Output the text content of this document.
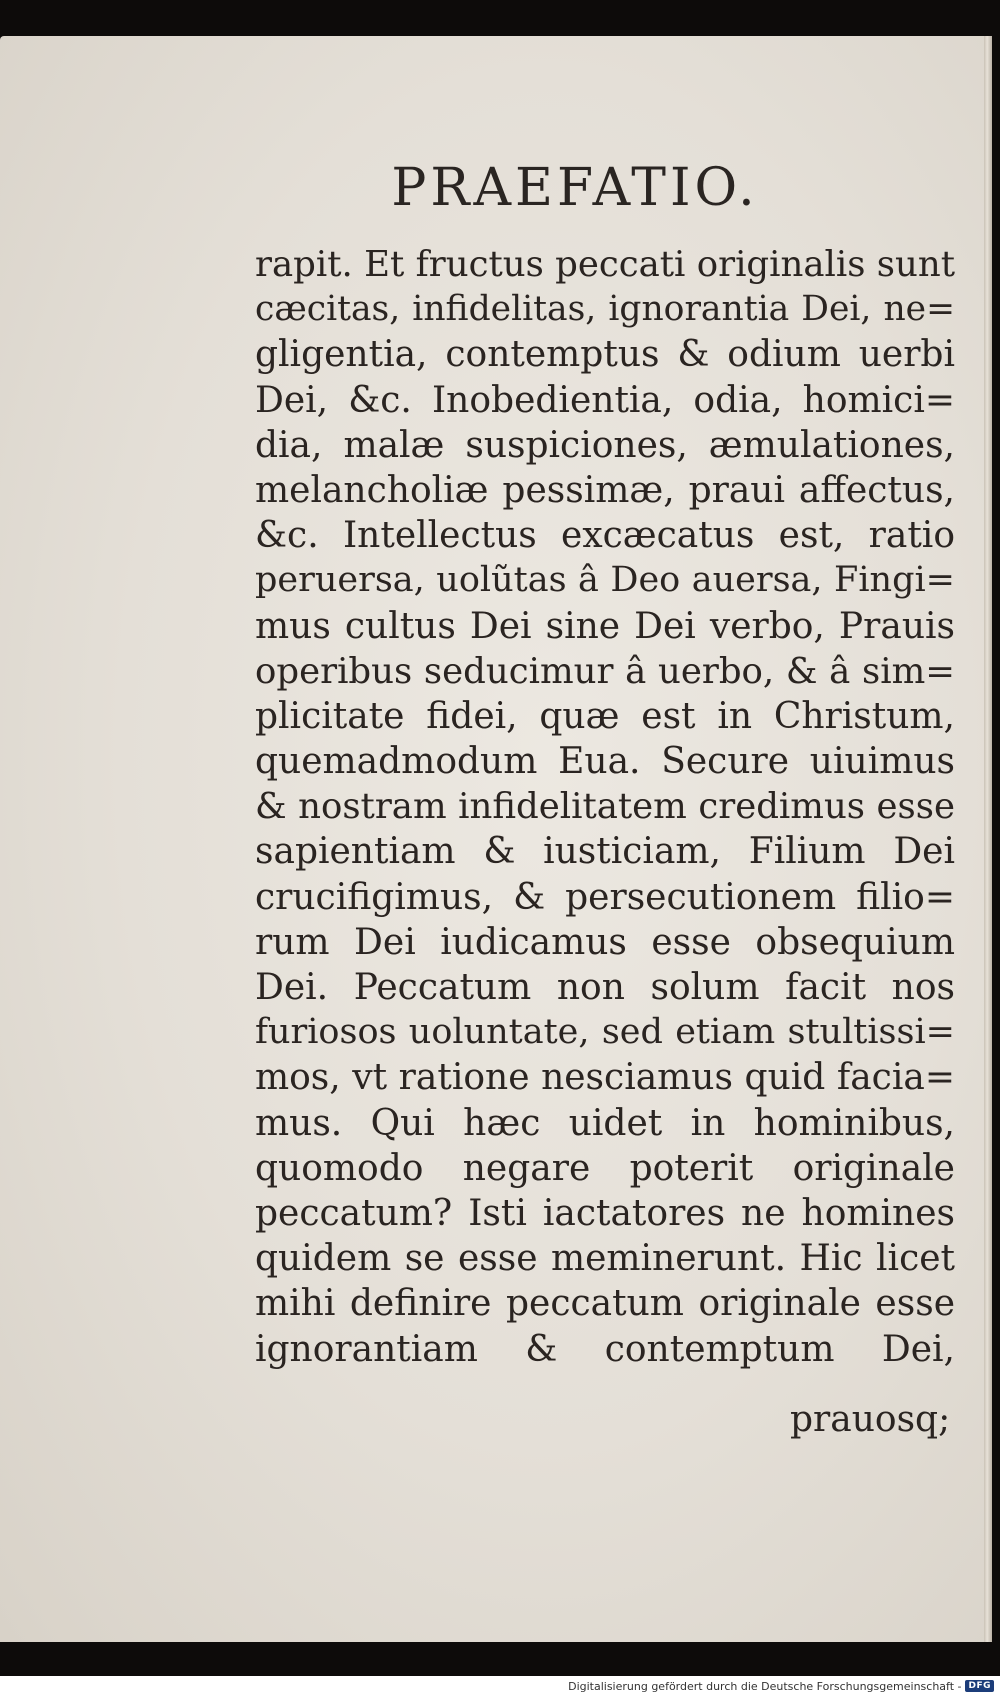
PRAEFATIO.
rapit. Et fructus peccati originalis sunt
cæcitas, infidelitas, ignorantia Dei, ne=
gligentia, contemptus & odium uerbi
Dei, &c. Inobedientia, odia, homici=
dia, malæ suspiciones, æmulationes,
melancholiæ pessimæ, praui affectus,
&c. Intellectus excæcatus est, ratio
peruersa, uolũtas â Deo auersa, Fingi=
mus cultus Dei sine Dei verbo, Prauis
operibus seducimur â uerbo, & â sim=
plicitate fidei, quæ est in Christum,
quemadmodum Eua. Secure uiuimus
& nostram infidelitatem credimus esse
sapientiam & iusticiam, Filium Dei
crucifigimus, & persecutionem filio=
rum Dei iudicamus esse obsequium
Dei. Peccatum non solum facit nos
furiosos uoluntate, sed etiam stultissi=
mos, vt ratione nesciamus quid facia=
mus. Qui hæc uidet in hominibus,
quomodo negare poterit originale
peccatum? Isti iactatores ne homines
quidem se esse meminerunt. Hic licet
mihi definire peccatum originale esse
ignorantiam & contemptum Dei,
prauosq;
Digitalisierung gefördert durch die Deutsche Forschungsgemeinschaft - DFG
